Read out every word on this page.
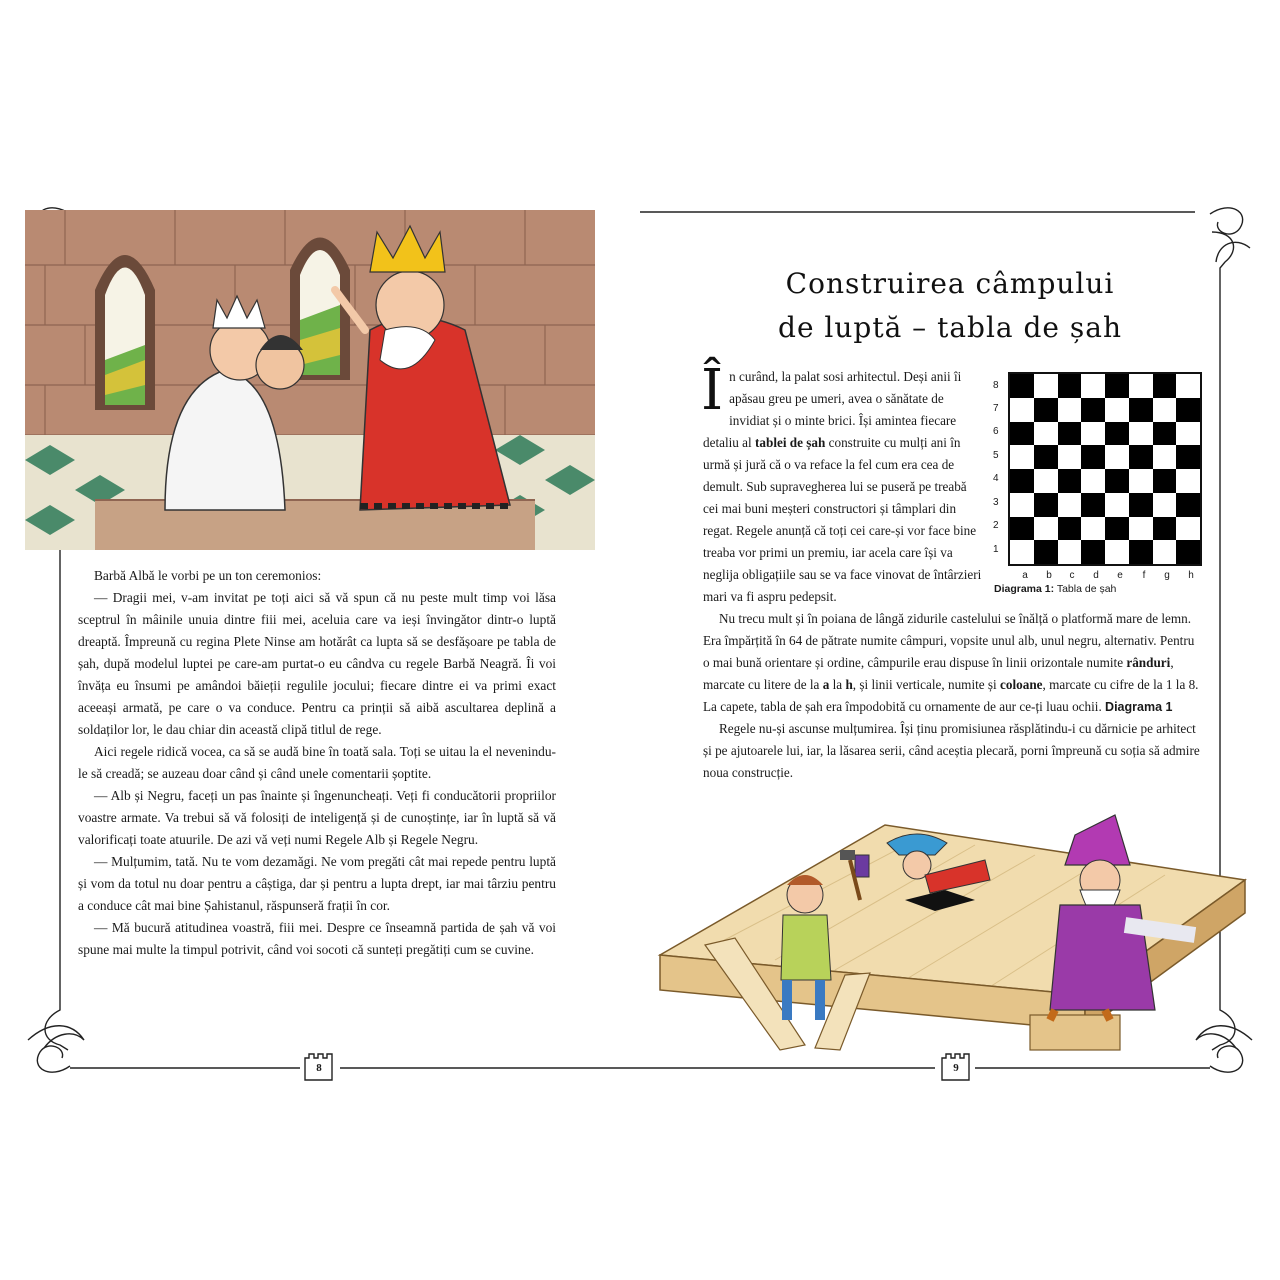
Barbă Albă le vorbi pe un ton ceremonios:

— Dragii mei, v-am invitat pe toți aici să vă spun că nu peste mult timp voi lăsa sceptrul în mâinile unuia dintre fiii mei, aceluia care va ieși învingător dintr-o luptă dreaptă. Împreună cu regina Plete Ninse am hotărât ca lupta să se desfășoare pe tabla de șah, după modelul luptei pe care-am purtat-o eu cândva cu regele Barbă Neagră. Îi voi învăța eu însumi pe amândoi băieții regulile jocului; fiecare dintre ei va primi exact aceeași armată, pe care o va conduce. Pentru ca prinții să aibă ascultarea deplină a soldaților lor, le dau chiar din această clipă titlul de rege.

Aici regele ridică vocea, ca să se audă bine în toată sala. Toți se uitau la el nevenindu-le să creadă; se auzeau doar când și când unele comentarii șoptite.

— Alb și Negru, faceți un pas înainte și îngenuncheați. Veți fi conducătorii propriilor voastre armate. Va trebui să vă folosiți de inteligență și de cunoștințe, iar în luptă să vă valorificați toate atuurile. De azi vă veți numi Regele Alb și Regele Negru.

— Mulțumim, tată. Nu te vom dezamăgi. Ne vom pregăti cât mai repede pentru luptă și vom da totul nu doar pentru a câștiga, dar și pentru a lupta drept, iar mai târziu pentru a conduce cât mai bine Șahistanul, răspunseră frații în cor.

— Mă bucură atitudinea voastră, fiii mei. Despre ce înseamnă partida de șah vă voi spune mai multe la timpul potrivit, când voi socoti că sunteți pregătiți cum se cuvine.

Construirea câmpului
de luptă – tabla de șah
În curând, la palat sosi arhitectul. Deși anii îi apăsau greu pe umeri, avea o sănătate de invidiat și o minte brici. Își amintea fiecare detaliu al tablei de șah construite cu mulți ani în urmă și jură că o va reface la fel cum era cea de demult. Sub supravegherea lui se puseră pe treabă cei mai buni meșteri constructori și tâmplari din regat. Regele anunță că toți cei care-și vor face bine treaba vor primi un premiu, iar acela care își va neglija obligațiile sau se va face vinovat de întârzieri mari va fi aspru pedepsit.
8
7
6
5
4
3
2
1
a b c d e	f	g h
Diagrama 1: Tabla de șah

Nu trecu mult și în poiana de lângă zidurile castelului se înălță o platformă mare de lemn. Era împărțită în 64 de pătrate numite câmpuri, vopsite unul alb, unul negru, alternativ. Pentru o mai bună orientare și ordine, câmpurile erau dispuse în linii orizontale numite rânduri, marcate cu litere de la a la h, și linii verticale, numite și coloane, marcate cu cifre de la 1 la 8. La capete, tabla de șah era împodobită cu ornamente de aur ce-ți luau ochii. Diagrama 1

Regele nu-și ascunse mulțumirea. Își ținu promisiunea răsplătindu-i cu dărnicie pe arhitect și pe ajutoarele lui, iar, la lăsarea serii, când aceștia plecară, porni împreună cu soția să admire noua construcție.

8	9
